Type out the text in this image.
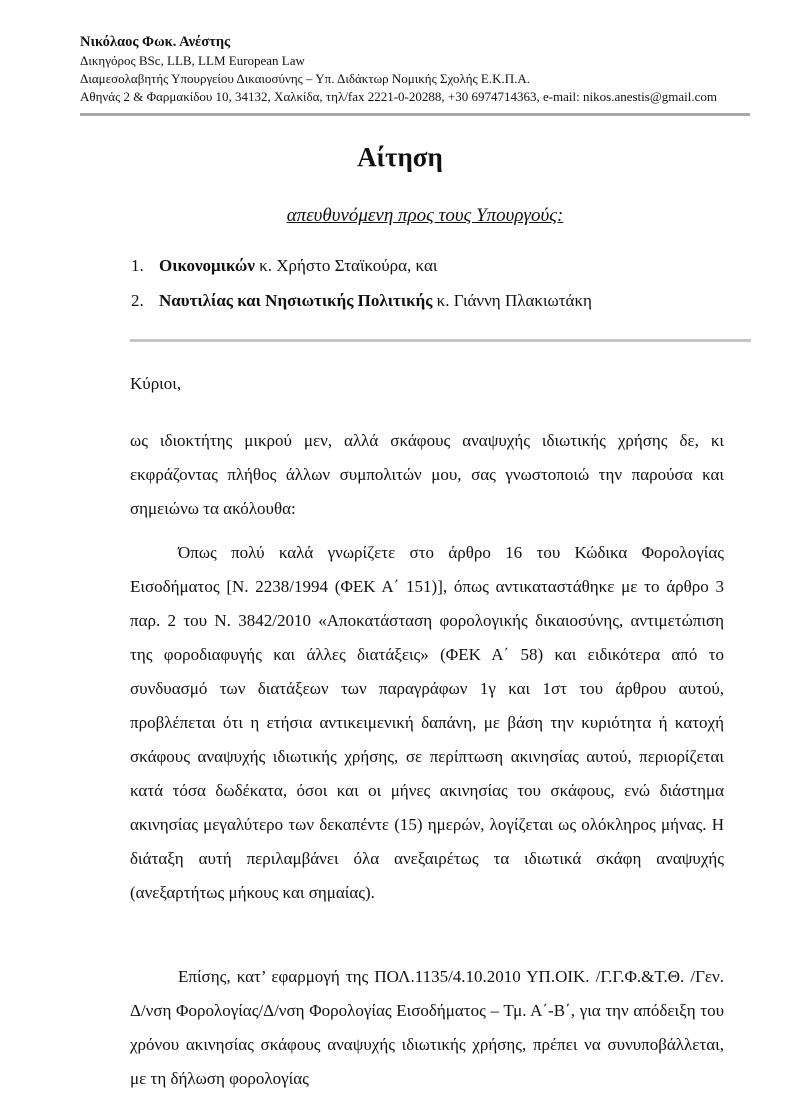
Νικόλαος Φωκ. Ανέστης
Δικηγόρος BSc, LLB, LLM European Law
Διαμεσολαβητής Υπουργείου Δικαιοσύνης – Υπ. Διδάκτωρ Νομικής Σχολής Ε.Κ.Π.Α.
Αθηνάς 2 & Φαρμακίδου 10, 34132, Χαλκίδα, τηλ/fax 2221-0-20288, +30 6974714363, e-mail: nikos.anestis@gmail.com
Αίτηση
απευθυνόμενη προς τους Υπουργούς:
1. Οικονομικών κ. Χρήστο Σταϊκούρα, και
2. Ναυτιλίας και Νησιωτικής Πολιτικής κ. Γιάννη Πλακιωτάκη
Κύριοι,
ως ιδιοκτήτης μικρού μεν, αλλά σκάφους αναψυχής ιδιωτικής χρήσης δε, κι εκφράζοντας πλήθος άλλων συμπολιτών μου, σας γνωστοποιώ την παρούσα και σημειώνω τα ακόλουθα:
Όπως πολύ καλά γνωρίζετε στο άρθρο 16 του Κώδικα Φορολογίας Εισοδήματος [Ν. 2238/1994 (ΦΕΚ Α΄ 151)], όπως αντικαταστάθηκε με το άρθρο 3 παρ. 2 του Ν. 3842/2010 «Αποκατάσταση φορολογικής δικαιοσύνης, αντιμετώπιση της φοροδιαφυγής και άλλες διατάξεις» (ΦΕΚ Α΄ 58) και ειδικότερα από το συνδυασμό των διατάξεων των παραγράφων 1γ και 1στ του άρθρου αυτού, προβλέπεται ότι η ετήσια αντικειμενική δαπάνη, με βάση την κυριότητα ή κατοχή σκάφους αναψυχής ιδιωτικής χρήσης, σε περίπτωση ακινησίας αυτού, περιορίζεται κατά τόσα δωδέκατα, όσοι και οι μήνες ακινησίας του σκάφους, ενώ διάστημα ακινησίας μεγαλύτερο των δεκαπέντε (15) ημερών, λογίζεται ως ολόκληρος μήνας. Η διάταξη αυτή περιλαμβάνει όλα ανεξαιρέτως τα ιδιωτικά σκάφη αναψυχής (ανεξαρτήτως μήκους και σημαίας).
Επίσης, κατ’ εφαρμογή της ΠΟΛ.1135/4.10.2010 ΥΠ.ΟΙΚ. /Γ.Γ.Φ.&Τ.Θ. /Γεν. Δ/νση Φορολογίας/Δ/νση Φορολογίας Εισοδήματος – Τμ. Α΄-Β΄, για την απόδειξη του χρόνου ακινησίας σκάφους αναψυχής ιδιωτικής χρήσης, πρέπει να συνυποβάλλεται, με τη δήλωση φορολογίας
